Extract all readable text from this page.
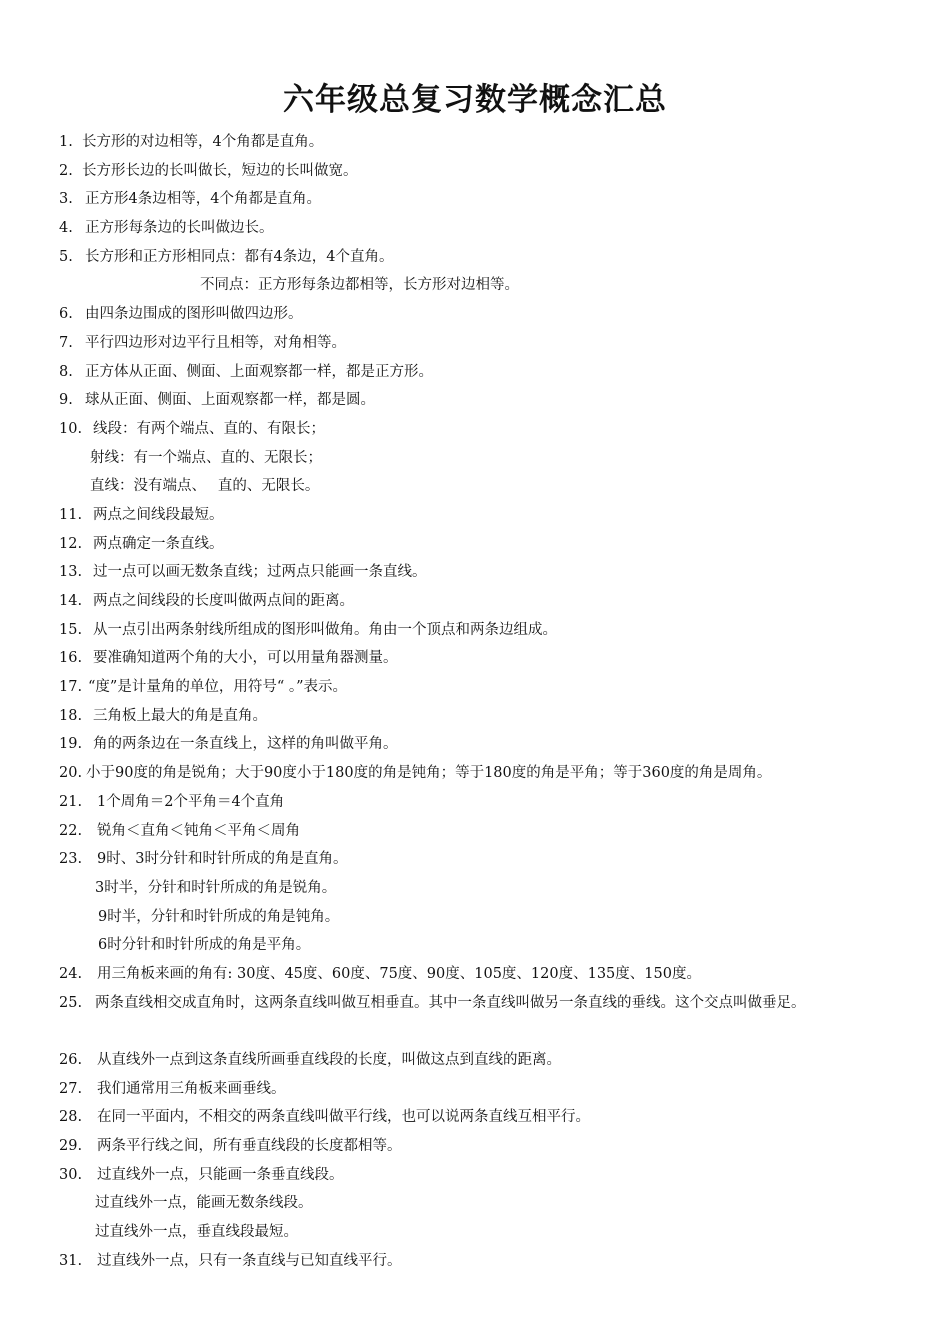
六年级总复习数学概念汇总
1. 长方形的对边相等，4个角都是直角。
2. 长方形长边的长叫做长，短边的长叫做宽。
3. 正方形4条边相等，4个角都是直角。
4. 正方形每条边的长叫做边长。
5. 长方形和正方形相同点：都有4条边，4个直角。
不同点：正方形每条边都相等，长方形对边相等。
6. 由四条边围成的图形叫做四边形。
7. 平行四边形对边平行且相等，对角相等。
8. 正方体从正面、侧面、上面观察都一样，都是正方形。
9. 球从正面、侧面、上面观察都一样，都是圆。
10. 线段：有两个端点、直的、有限长；
射线：有一个端点、直的、无限长；
直线：没有端点、　 直的、无限长。
11. 两点之间线段最短。
12. 两点确定一条直线。
13. 过一点可以画无数条直线；过两点只能画一条直线。
14. 两点之间线段的长度叫做两点间的距离。
15. 从一点引出两条射线所组成的图形叫做角。角由一个顶点和两条边组成。
16. 要准确知道两个角的大小，可以用量角器测量。
17. “度”是计量角的单位，用符号“ 。”表示。
18. 三角板上最大的角是直角。
19. 角的两条边在一条直线上，这样的角叫做平角。
20. 小于90度的角是锐角；大于90度小于180度的角是钝角；等于180度的角是平角；等于360度的角是周角。
21. 1个周角＝2个平角＝4个直角
22. 锐角＜直角＜钝角＜平角＜周角
23. 9时、3时分针和时针所成的角是直角。
3时半，分针和时针所成的角是锐角。
9时半，分针和时针所成的角是钝角。
6时分针和时针所成的角是平角。
24. 用三角板来画的角有: 30度、45度、60度、75度、90度、105度、120度、135度、150度。
25. 两条直线相交成直角时，这两条直线叫做互相垂直。其中一条直线叫做另一条直线的垂线。这个交点叫做垂足。
26. 从直线外一点到这条直线所画垂直线段的长度，叫做这点到直线的距离。
27. 我们通常用三角板来画垂线。
28. 在同一平面内，不相交的两条直线叫做平行线，也可以说两条直线互相平行。
29. 两条平行线之间，所有垂直线段的长度都相等。
30. 过直线外一点，只能画一条垂直线段。
过直线外一点，能画无数条线段。
过直线外一点，垂直线段最短。
31. 过直线外一点，只有一条直线与已知直线平行。
